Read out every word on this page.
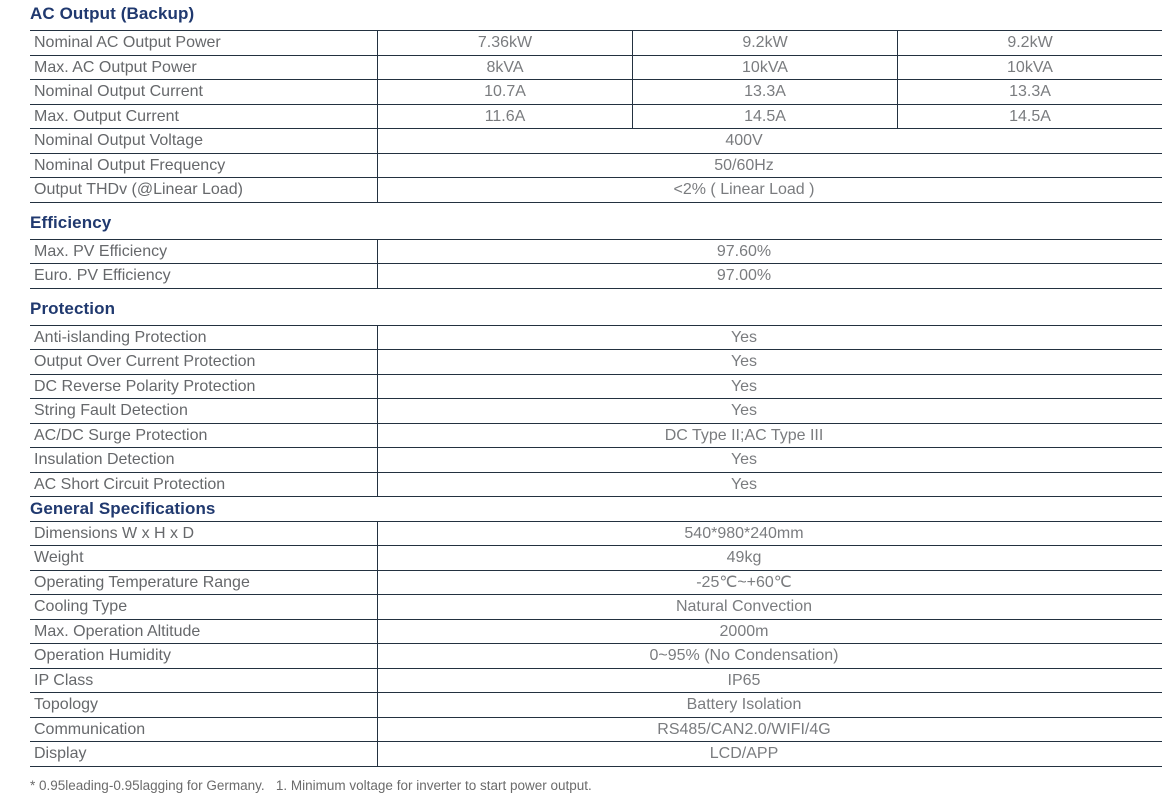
AC Output (Backup)
Nominal AC Output Power	7.36kW	9.2kW	9.2kW
Max. AC Output Power	8kVA	10kVA	10kVA
Nominal Output Current	10.7A	13.3A	13.3A
Max. Output Current	11.6A	14.5A	14.5A
Nominal Output Voltage	400V
Nominal Output Frequency	50/60Hz
Output THDv (@Linear Load)	<2% ( Linear Load )
Efficiency
Max. PV Efficiency	97.60%
Euro. PV Efficiency	97.00%
Protection
Anti-islanding Protection	Yes
Output Over Current Protection	Yes
DC Reverse Polarity Protection	Yes
String Fault Detection	Yes
AC/DC Surge Protection	DC Type II;AC Type III
Insulation Detection	Yes
AC Short Circuit Protection	Yes
General Specifications
Dimensions W x H x D	540*980*240mm
Weight	49kg
Operating Temperature Range	-25℃~+60℃
Cooling Type	Natural Convection
Max. Operation Altitude	2000m
Operation Humidity	0~95% (No Condensation)
IP Class	IP65
Topology	Battery Isolation
Communication	RS485/CAN2.0/WIFI/4G
Display	LCD/APP

* 0.95leading-0.95lagging for Germany.   1. Minimum voltage for inverter to start power output.
